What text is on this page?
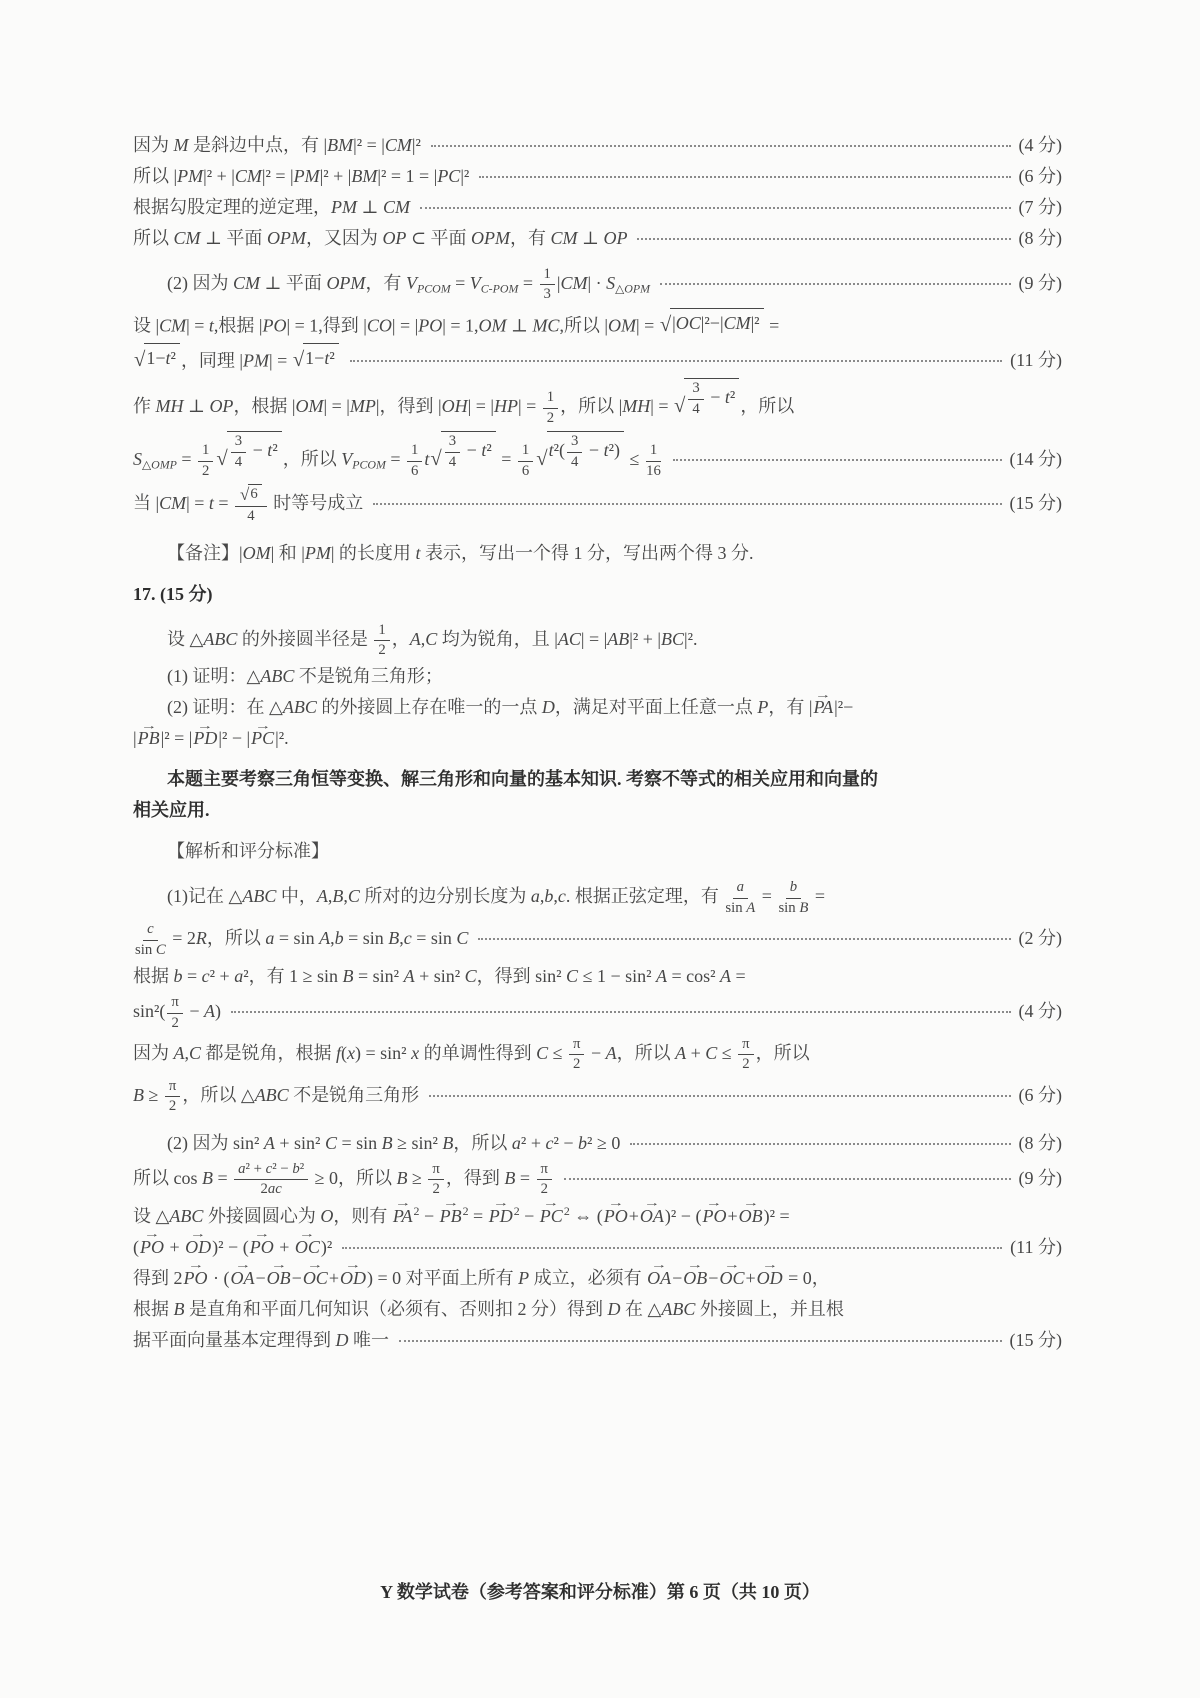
因为 M 是斜边中点，有 |BM|² = |CM|²	(4 分)
所以 |PM|² + |CM|² = |PM|² + |BM|² = 1 = |PC|²	(6 分)
根据勾股定理的逆定理，PM ⊥ CM	(7 分)
所以 CM ⊥ 平面 OPM，又因为 OP ⊂ 平面 OPM，有 CM ⊥ OP	(8 分)
(2) 因为 CM ⊥ 平面 OPM，有 $V_{PCOM} = V_{C-POM} = \frac{1}{3} |CM| \cdot S_{\triangle OPM}$	(9 分)
设 |CM| = t,根据 |PO| = 1,得到 |CO| = |PO| = 1,OM ⊥ MC,所以 |OM| = √ |OC|²−|CM|² =
√ 1−t² ，同理 |PM| = √ 1−t²	(11 分)
作 MH ⊥ OP，根据 |OM| = |MP|，得到 $|OH| = |HP| = \frac{1}{2}$ ，所以 |MH| = √ $\frac{3}{4} - t^2$ ，所以
$S_{\triangle OMP} = \frac{1}{2}$ √ $\frac{3}{4} - t^2$ ，所以 $V_{PCOM} = \frac{1}{6}$ t √ $\frac{3}{4} - t^2 = \frac{1}{6}$ √ $t^2( \frac{3}{4} - t^2) \le \frac{1}{16}$	(14 分)
当 $|CM| = t = \frac{√ 6}{4}$ 时等号成立	(15 分)
【备注】|OM| 和 |PM| 的长度用 t 表示，写出一个得 1 分，写出两个得 3 分.
17. (15 分)
设 △ABC 的外接圆半径是 $\frac{1}{2}$ ，A,C 均为锐角，且 |AC| = |AB|² + |BC|².
(1) 证明：△ABC 不是锐角三角形；
(2) 证明：在 △ABC 的外接圆上存在唯一的一点 D，满足对平面上任意一点 P，有 |PA →|²−
|PB →|² = |PD →|² − |PC →|².
本题主要考察三角恒等变换、解三角形和向量的基本知识. 考察不等式的相关应用和向量的
相关应用.
【解析和评分标准】
(1)记在 △ABC 中，A,B,C 所对的边分别长度为 a,b,c. 根据正弦定理，有 $\frac{a}{\text{sin A}} = \frac{b}{\text{sin B}}$ =
$\frac{c}{\text{sin C}} = 2R$，所以 a = sin A,b = sin B,c = sin C	(2 分)
根据 b = c² + a²，有 1 ≥ sin B = sin² A + sin² C，得到 sin² C ≤ 1 − sin² A = cos² A =
$\sin^2( \frac{\pi}{2} - A)$	(4 分)
因为 A,C 都是锐角，根据 f(x) = sin² x 的单调性得到 $C \le \frac{\pi}{2} - A$，所以 $A + C \le \frac{\pi}{2}$ ，所以
$B \ge \frac{\pi}{2}$ ，所以 △ABC 不是锐角三角形	(6 分)
(2) 因为 sin² A + sin² C = sin B ≥ sin² B，所以 a² + c² − b² ≥ 0	(8 分)
所以 $\cos B = \frac{\text{a² + c² − b²}}{2ac} \ge 0$，所以 $B \ge \frac{\pi}{2}$ ，得到 $B = \frac{\pi}{2}$	(9 分)
设 △ABC 外接圆圆心为 O，则有 PA →$^2$ − PB →$^2$ = PD →$^2$ − PC →$^2$ ⇔ (PO →+OA →)² − (PO →+OB →)² =
(PO → + OD →)² − (PO → + OC →)²	(11 分)
得到 2PO → · (OA →−OB →−OC →+OD →) = 0 对平面上所有 P 成立，必须有 OA →−OB →−OC →+OD → = 0，
根据 B 是直角和平面几何知识（必须有、否则扣 2 分）得到 D 在 △ABC 外接圆上，并且根
据平面向量基本定理得到 D 唯一	(15 分)
Y 数学试卷（参考答案和评分标准）第 6 页（共 10 页）
